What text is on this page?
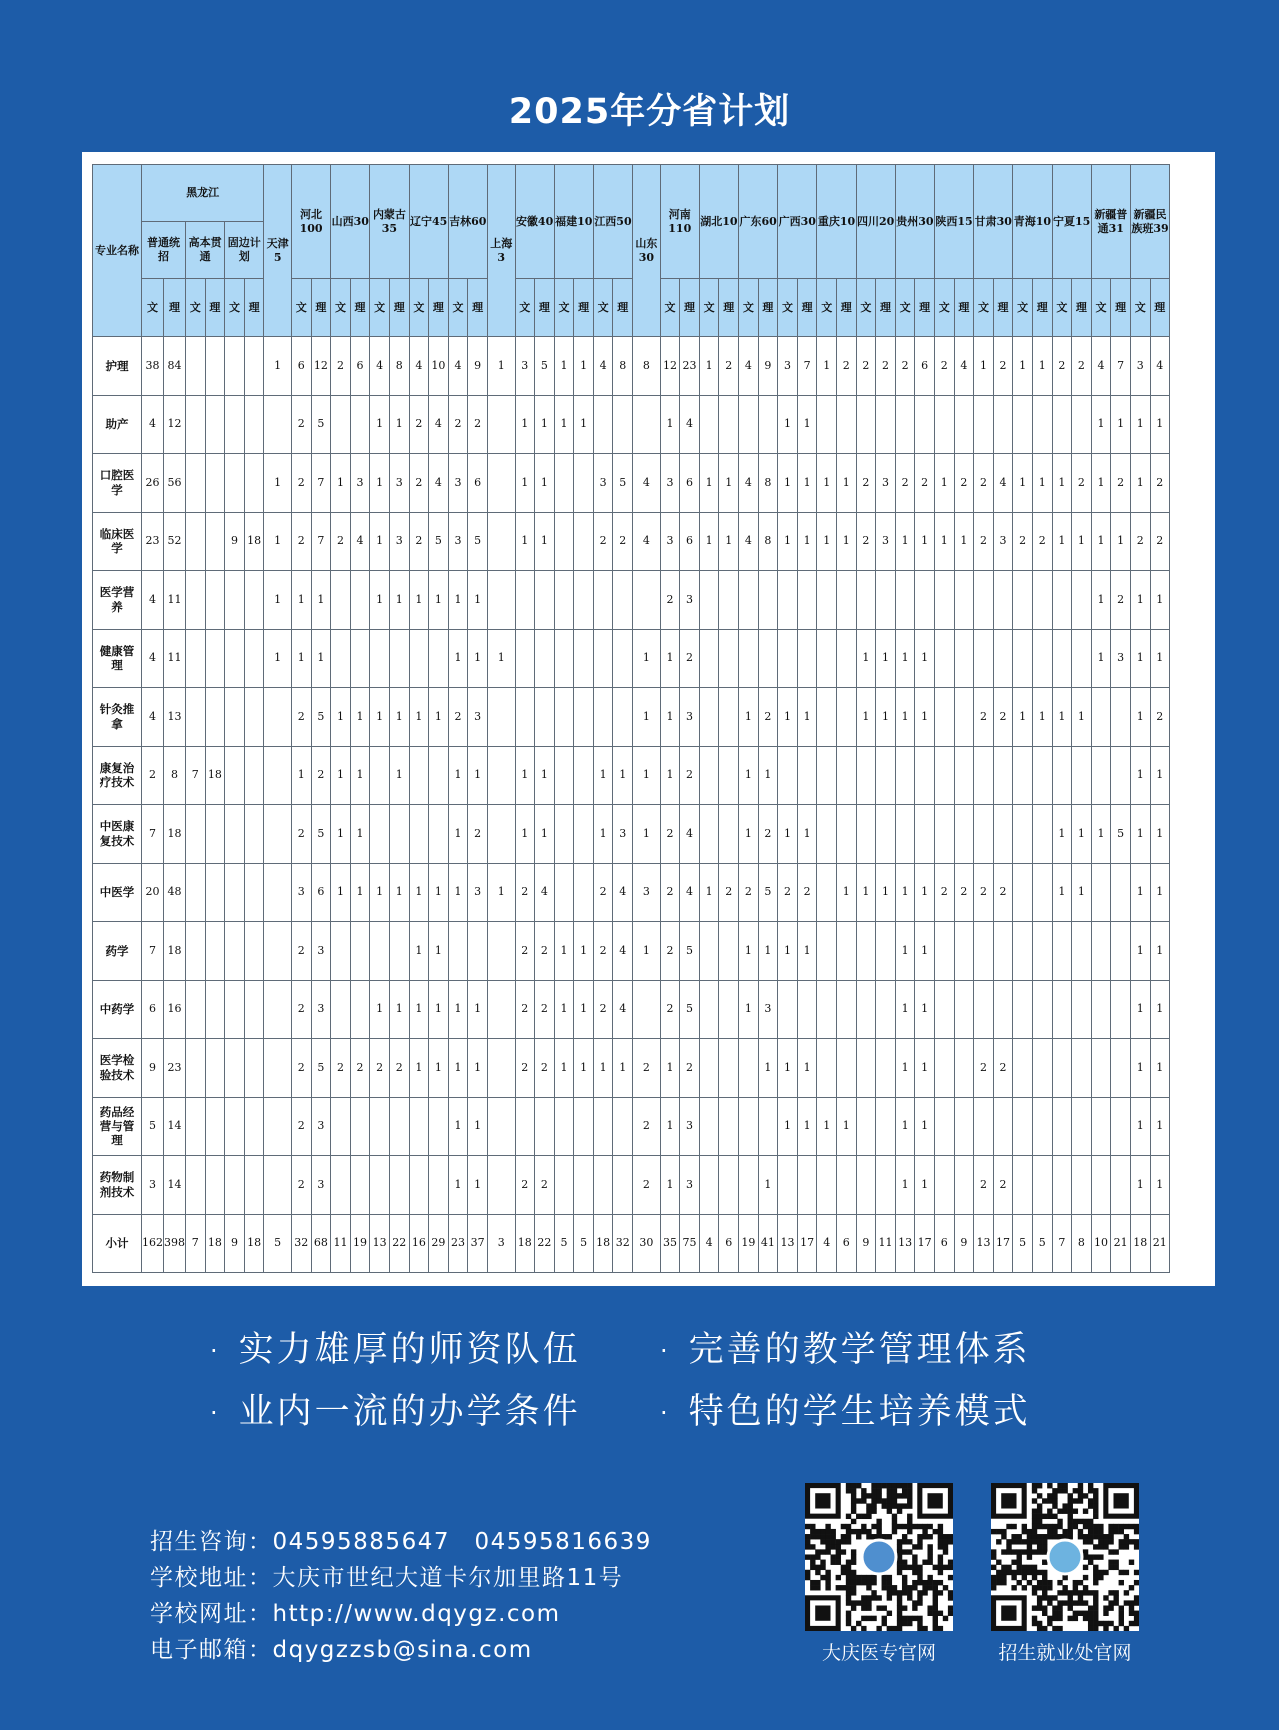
2025年分省计划
专业名称	黑龙江						天津5	河北100		山西30		内蒙古35		辽宁45		吉林60		上海3	安徽40		福建10		江西50		山东30	河南110		湖北10		广东60		广西30		重庆10		四川20		贵州30		陕西15		甘肃30		青海10		宁夏15		新疆普通31		新疆民族班39	
	普通统招		高本贯通		固边计划																																														
	文	理	文	理	文	理		文	理	文	理	文	理	文	理	文	理		文	理	文	理	文	理		文	理	文	理	文	理	文	理	文	理	文	理	文	理	文	理	文	理	文	理	文	理	文	理	文	理
护理	38	84					1	6	12	2	6	4	8	4	10	4	9	1	3	5	1	1	4	8	8	12	23	1	2	4	9	3	7	1	2	2	2	2	6	2	4	1	2	1	1	2	2	4	7	3	4
助产	4	12						2	5			1	1	2	4	2	2		1	1	1	1				1	4					1	1															1	1	1	1
口腔医学	26	56					1	2	7	1	3	1	3	2	4	3	6		1	1			3	5	4	3	6	1	1	4	8	1	1	1	1	2	3	2	2	1	2	2	4	1	1	1	2	1	2	1	2
临床医学	23	52			9	18	1	2	7	2	4	1	3	2	5	3	5		1	1			2	2	4	3	6	1	1	4	8	1	1	1	1	2	3	1	1	1	1	2	3	2	2	1	1	1	1	2	2
医学营养	4	11					1	1	1			1	1	1	1	1	1									2	3																					1	2	1	1
健康管理	4	11					1	1	1							1	1	1							1	1	2									1	1	1	1									1	3	1	1
针灸推拿	4	13						2	5	1	1	1	1	1	1	2	3								1	1	3			1	2	1	1			1	1	1	1			2	2	1	1	1	1			1	2
康复治疗技术	2	8	7	18				1	2	1	1		1			1	1		1	1			1	1	1	1	2			1	1																			1	1
中医康复技术	7	18						2	5	1	1					1	2		1	1			1	3	1	2	4			1	2	1	1													1	1	1	5	1	1
中医学	20	48						3	6	1	1	1	1	1	1	1	3	1	2	4			2	4	3	2	4	1	2	2	5	2	2		1	1	1	1	1	2	2	2	2			1	1			1	1
药学	7	18						2	3					1	1				2	2	1	1	2	4	1	2	5			1	1	1	1					1	1											1	1
中药学	6	16						2	3			1	1	1	1	1	1		2	2	1	1	2	4		2	5			1	3							1	1											1	1
医学检验技术	9	23						2	5	2	2	2	2	1	1	1	1		2	2	1	1	1	1	2	1	2				1	1	1					1	1			2	2							1	1
药品经营与管理	5	14						2	3							1	1								2	1	3					1	1	1	1			1	1											1	1
药物制剂技术	3	14						2	3							1	1		2	2					2	1	3				1							1	1			2	2							1	1
小计	162	398	7	18	9	18	5	32	68	11	19	13	22	16	29	23	37	3	18	22	5	5	18	32	30	35	75	4	6	19	41	13	17	4	6	9	11	13	17	6	9	13	17	5	5	7	8	10	21	18	21
· 实力雄厚的师资队伍	· 完善的教学管理体系
· 业内一流的办学条件	· 特色的学生培养模式
招生咨询：04595885647　04595816639
学校地址：大庆市世纪大道卡尔加里路11号
学校网址：http://www.dqygz.com
电子邮箱：dqygzzsb@sina.com	大庆医专官网	招生就业处官网
